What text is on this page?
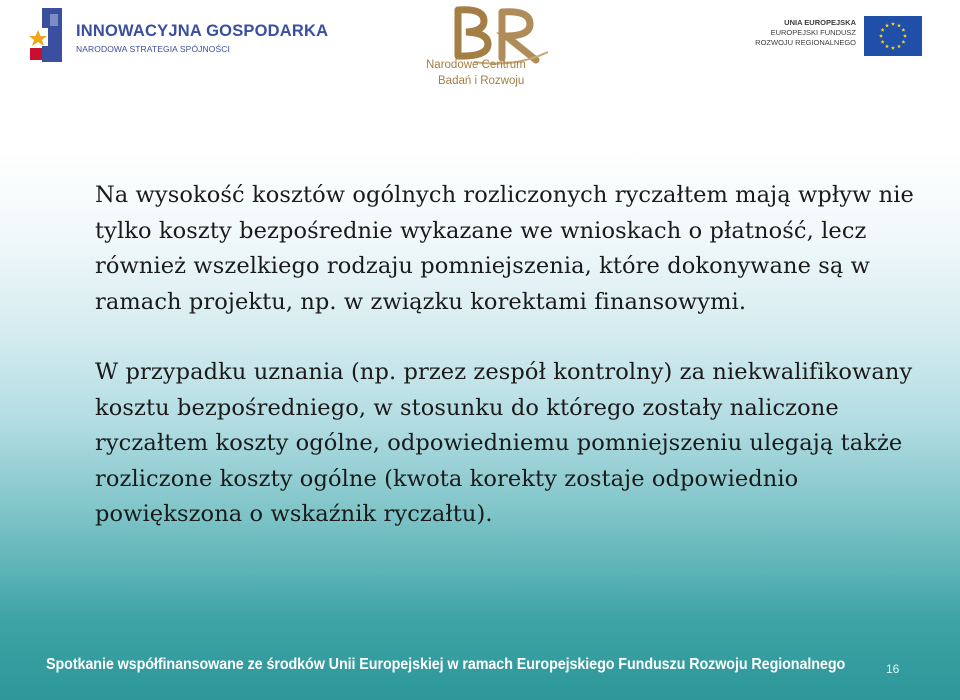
INNOWACYJNA GOSPODARKA
NARODOWA STRATEGIA SPÓJNOŚCI
Narodowe Centrum
Badań i Rozwoju
UNIA EUROPEJSKA
EUROPEJSKI FUNDUSZ
ROZWOJU REGIONALNEGO

Na wysokość kosztów ogólnych rozliczonych ryczałtem mają wpływ nie tylko koszty bezpośrednie wykazane we wnioskach o płatność, lecz również wszelkiego rodzaju pomniejszenia, które dokonywane są w ramach projektu, np. w związku korektami finansowymi.

W przypadku uznania (np. przez zespół kontrolny) za niekwalifikowany kosztu bezpośredniego, w stosunku do którego zostały naliczone ryczałtem koszty ogólne, odpowiedniemu pomniejszeniu ulegają także rozliczone koszty ogólne (kwota korekty zostaje odpowiednio powiększona o wskaźnik ryczałtu).

Spotkanie współfinansowane ze środków Unii Europejskiej w ramach Europejskiego Funduszu Rozwoju Regionalnego	16
